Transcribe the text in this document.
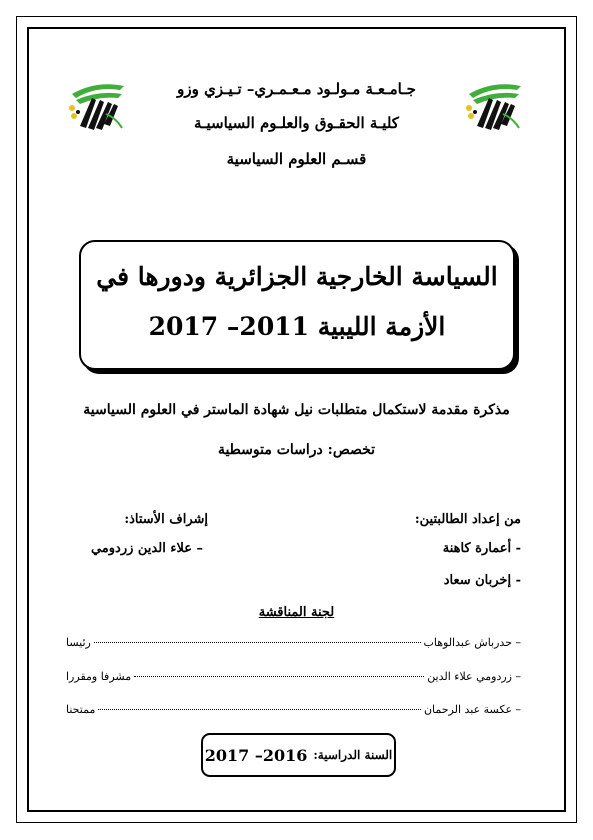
جـامـعـة مـولـود مـعـمـري– تـيـزي وزو
كليـة الحقـوق والعلـوم السياسيـة
قسـم العلوم السياسية
السياسة الخارجية الجزائرية ودورها في
الأزمة الليبية 2011– 2017
مذكرة مقدمة لاستكمال متطلبات نيل شهادة الماستر في العلوم السياسية
تخصص: دراسات متوسطية
من إعداد الطالبتين:
- أعمارة كاهنة
- إخربان سعاد
إشراف الأستاذ:
– علاء الدين زردومي
لجنة المناقشة
– حدرباش عبدالوهاب
رئيسا
– زردومي علاء الدين
مشرفا ومقررا
– عكسة عبد الرحمان
ممتحنا
السنة الدراسية:
2016– 2017
